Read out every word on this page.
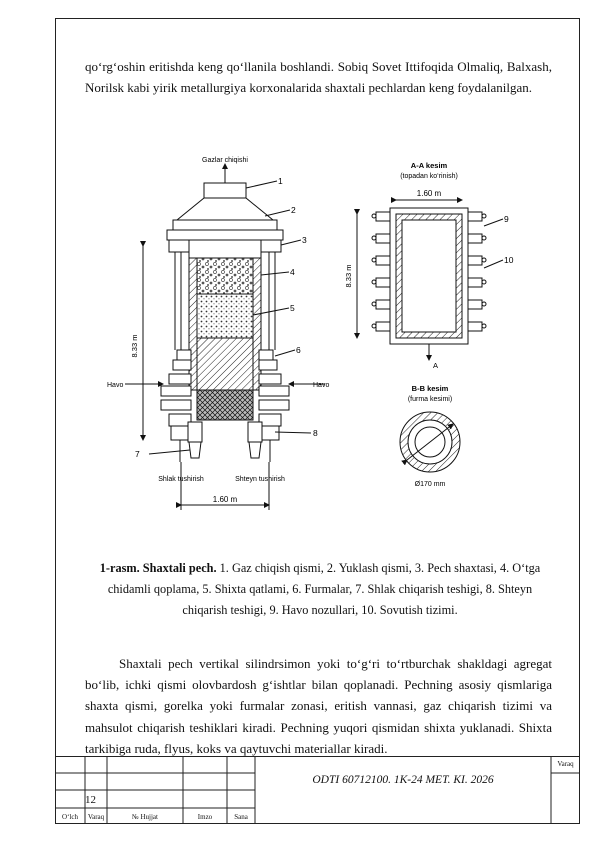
qo‘rg‘oshin eritishda keng qo‘llanila boshlandi. Sobiq Sovet Ittifoqida Olmaliq, Balxash, Norilsk kabi yirik metallurgiya korxonalarida shaxtali pechlardan keng foydalanilgan.

Gazlar chiqishi
8.33 m
1.60 m
Havo	Havo
Shlak tushirish	Shteyn tushirish
1
2
3
4
5
6
7
8
A-A kesim
(topadan ko‘rinish)
1.60 m
8.33 m
A
9
10
B-B kesim
(furma kesimi)
Ø170 mm

1-rasm. Shaxtali pech. 1. Gaz chiqish qismi, 2. Yuklash qismi, 3. Pech shaxtasi, 4. O‘tga chidamli qoplama, 5. Shixta qatlami, 6. Furmalar, 7. Shlak chiqarish teshigi, 8. Shteyn chiqarish teshigi, 9. Havo nozullari, 10. Sovutish tizimi.

Shaxtali pech vertikal silindrsimon yoki to‘g‘ri to‘rtburchak shakldagi agregat bo‘lib, ichki qismi olovbardosh g‘ishtlar bilan qoplanadi. Pechning asosiy qismlariga shaxta qismi, gorelka yoki furmalar zonasi, eritish vannasi, gaz chiqarish tizimi va mahsulot chiqarish teshiklari kiradi. Pechning yuqori qismidan shixta yuklanadi. Shixta tarkibiga ruda, flyus, koks va qaytuvchi materiallar kiradi.

12
ODTI 60712100. 1K-24 MET. KI. 2026
Varaq
O‘lch	Varaq	№ Hujjat	Imzo	Sana
